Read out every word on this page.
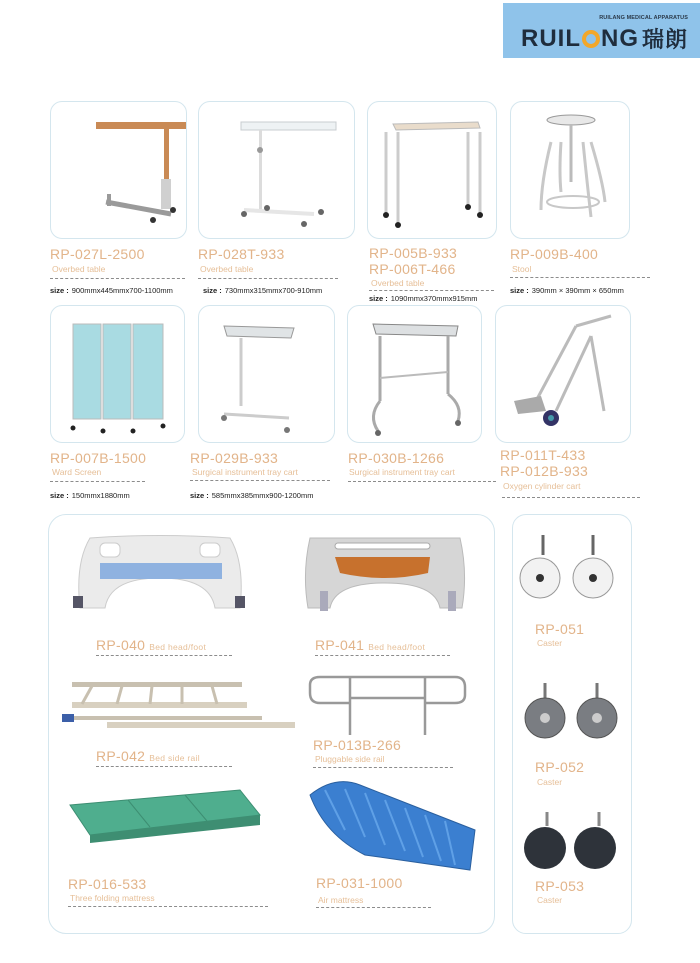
RUILANG MEDICAL APPARATUS
RUIL NG 瑞朗
RP-027L-2500
Overbed table
size : 900mmx445mmx700-1100mm
RP-028T-933
Overbed table
size : 730mmx315mmx700-910mm
RP-005B-933
RP-006T-466
Overbed table
size : 1090mmx370mmx915mm
RP-009B-400
Stool
size : 390mm × 390mm × 650mm
RP-007B-1500
Ward Screen
size : 150mmx1880mm
RP-029B-933
Surgical instrument tray cart
size : 585mmx385mmx900-1200mm
RP-030B-1266
Surgical instrument tray cart
RP-011T-433
RP-012B-933
Oxygen cylinder cart
RP-040 Bed head/foot	RP-041 Bed head/foot
RP-042 Bed side rail
RP-013B-266
Pluggable side rail
RP-016-533
Three folding mattress
RP-031-1000
Air mattress
RP-051
Caster
RP-052
Caster
RP-053
Caster
